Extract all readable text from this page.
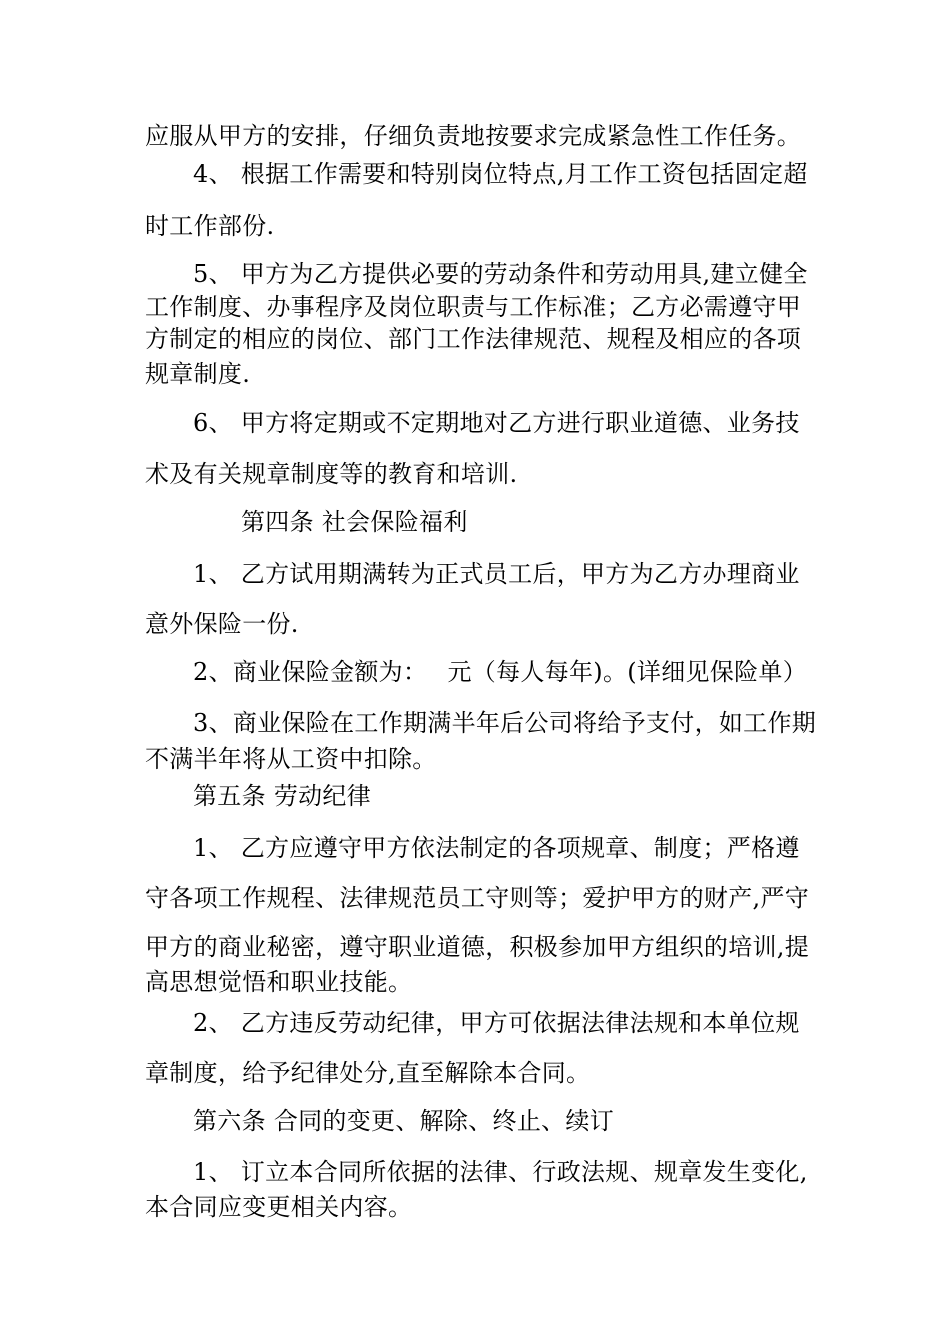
应服从甲方的安排，仔细负责地按要求完成紧急性工作任务。
4、 根据工作需要和特别岗位特点,月工作工资包括固定超
时工作部份.
5、 甲方为乙方提供必要的劳动条件和劳动用具,建立健全
工作制度、办事程序及岗位职责与工作标准；乙方必需遵守甲
方制定的相应的岗位、部门工作法律规范、规程及相应的各项
规章制度.
6、 甲方将定期或不定期地对乙方进行职业道德、业务技
术及有关规章制度等的教育和培训.
第四条 社会保险福利
1、 乙方试用期满转为正式员工后，甲方为乙方办理商业
意外保险一份.
2、商业保险金额为：　 元（每人每年)。(详细见保险单）
3、商业保险在工作期满半年后公司将给予支付，如工作期
不满半年将从工资中扣除。
第五条 劳动纪律
1、 乙方应遵守甲方依法制定的各项规章、制度；严格遵
守各项工作规程、法律规范员工守则等；爱护甲方的财产,严守
甲方的商业秘密，遵守职业道德，积极参加甲方组织的培训,提
高思想觉悟和职业技能。
2、 乙方违反劳动纪律，甲方可依据法律法规和本单位规
章制度，给予纪律处分,直至解除本合同。
第六条 合同的变更、解除、终止、续订
1、 订立本合同所依据的法律、行政法规、规章发生变化,
本合同应变更相关内容。
